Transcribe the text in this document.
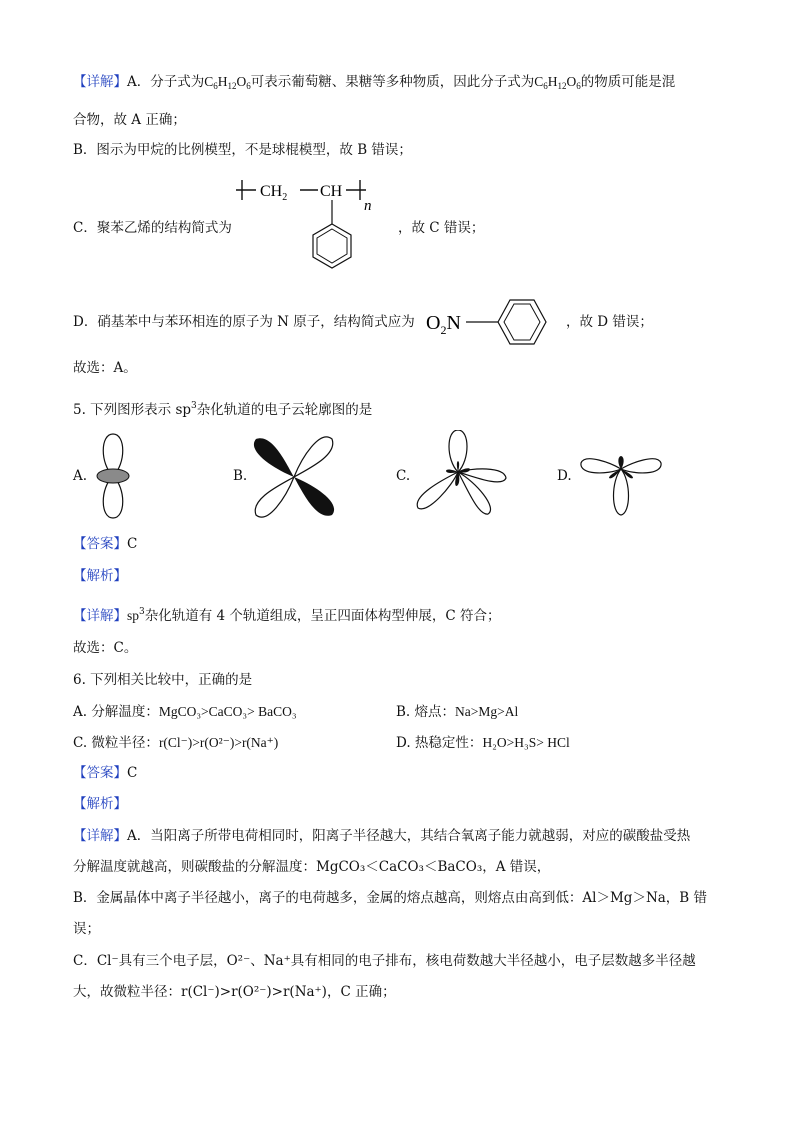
【详解】A．分子式为$C_6H_{12}O_6$可表示葡萄糖、果糖等多种物质，因此分子式为$C_6H_{12}O_6$的物质可能是混
合物，故 A 正确；
B．图示为甲烷的比例模型，不是球棍模型，故 B 错误；
C．聚苯乙烯的结构简式为
$CH_2$ CH
n
，故 C 错误；
D．硝基苯中与苯环相连的原子为 N 原子，结构简式应为 $O_2N$	，故 D 错误；
故选：A。
5. 下列图形表示 $sp^3$杂化轨道的电子云轮廓图的是
A.	B.	C.	D.
【答案】C
【解析】
【详解】$sp^3$杂化轨道有 4 个轨道组成，呈正四面体构型伸展，C 符合；
故选：C。
6. 下列相关比较中，正确的是
A. 分解温度：MgCO₃>CaCO₃> BaCO₃	B. 熔点：Na>Mg>Al
C. 微粒半径：r(Cl⁻)>r(O²⁻)>r(Na⁺)	D. 热稳定性：H₂O>H₃S> HCl
【答案】C
【解析】
【详解】A．当阳离子所带电荷相同时，阳离子半径越大，其结合氧离子能力就越弱，对应的碳酸盐受热
分解温度就越高，则碳酸盐的分解温度：MgCO₃＜CaCO₃＜BaCO₃，A 错误，
B．金属晶体中离子半径越小，离子的电荷越多，金属的熔点越高，则熔点由高到低：Al＞Mg＞Na，B 错
误；
C．Cl⁻具有三个电子层，O²⁻、Na⁺具有相同的电子排布，核电荷数越大半径越小，电子层数越多半径越
大，故微粒半径：r(Cl⁻)>r(O²⁻)>r(Na⁺)，C 正确；
